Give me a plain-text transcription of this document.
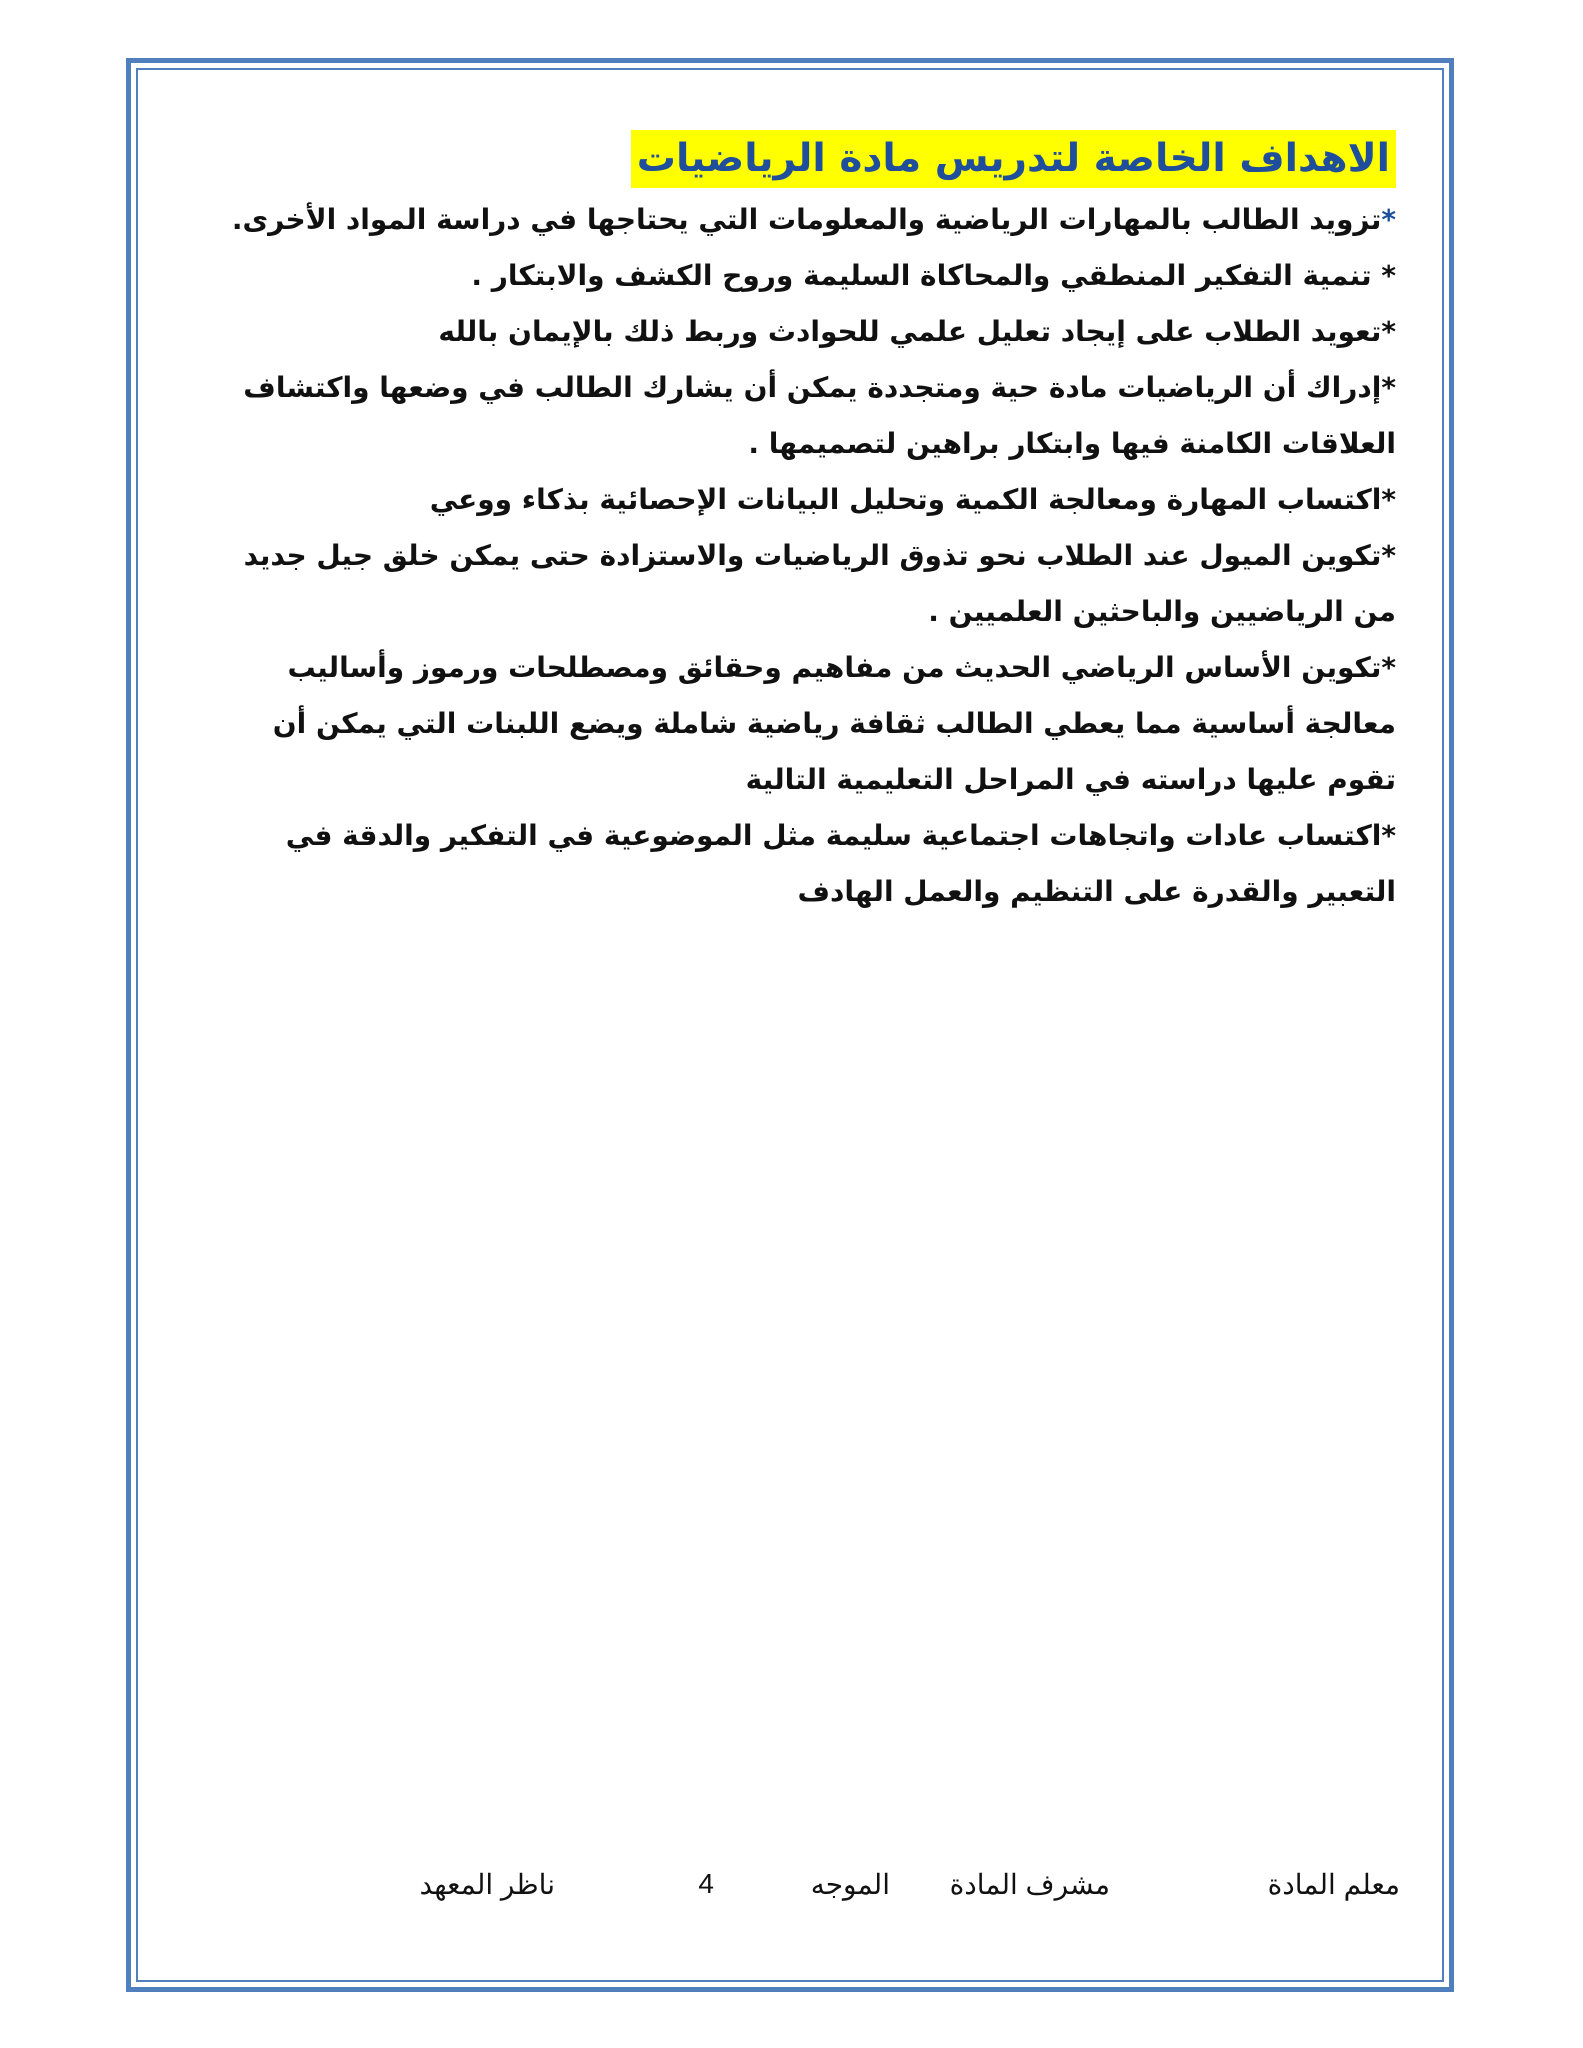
الاهداف الخاصة لتدريس مادة الرياضيات

*تزويد الطالب بالمهارات الرياضية والمعلومات التي يحتاجها في دراسة المواد الأخرى.

* تنمية التفكير المنطقي والمحاكاة السليمة وروح الكشف والابتكار .

*تعويد الطلاب على إيجاد تعليل علمي للحوادث وربط ذلك بالإيمان بالله

*إدراك أن الرياضيات مادة حية ومتجددة يمكن أن يشارك الطالب في وضعها واكتشاف العلاقات الكامنة فيها وابتكار براهين لتصميمها .

*اكتساب المهارة ومعالجة الكمية وتحليل البيانات الإحصائية بذكاء ووعي

*تكوين الميول عند الطلاب نحو تذوق الرياضيات والاستزادة حتى يمكن خلق جيل جديد من الرياضيين والباحثين العلميين .

*تكوين الأساس الرياضي الحديث من مفاهيم وحقائق ومصطلحات ورموز وأساليب معالجة أساسية مما يعطي الطالب ثقافة رياضية شاملة ويضع اللبنات التي يمكن أن تقوم عليها دراسته في المراحل التعليمية التالية

*اكتساب عادات واتجاهات اجتماعية سليمة مثل الموضوعية في التفكير والدقة في التعبير والقدرة على التنظيم والعمل الهادف

معلم المادة
مشرف المادة
الموجه
4
ناظر المعهد
